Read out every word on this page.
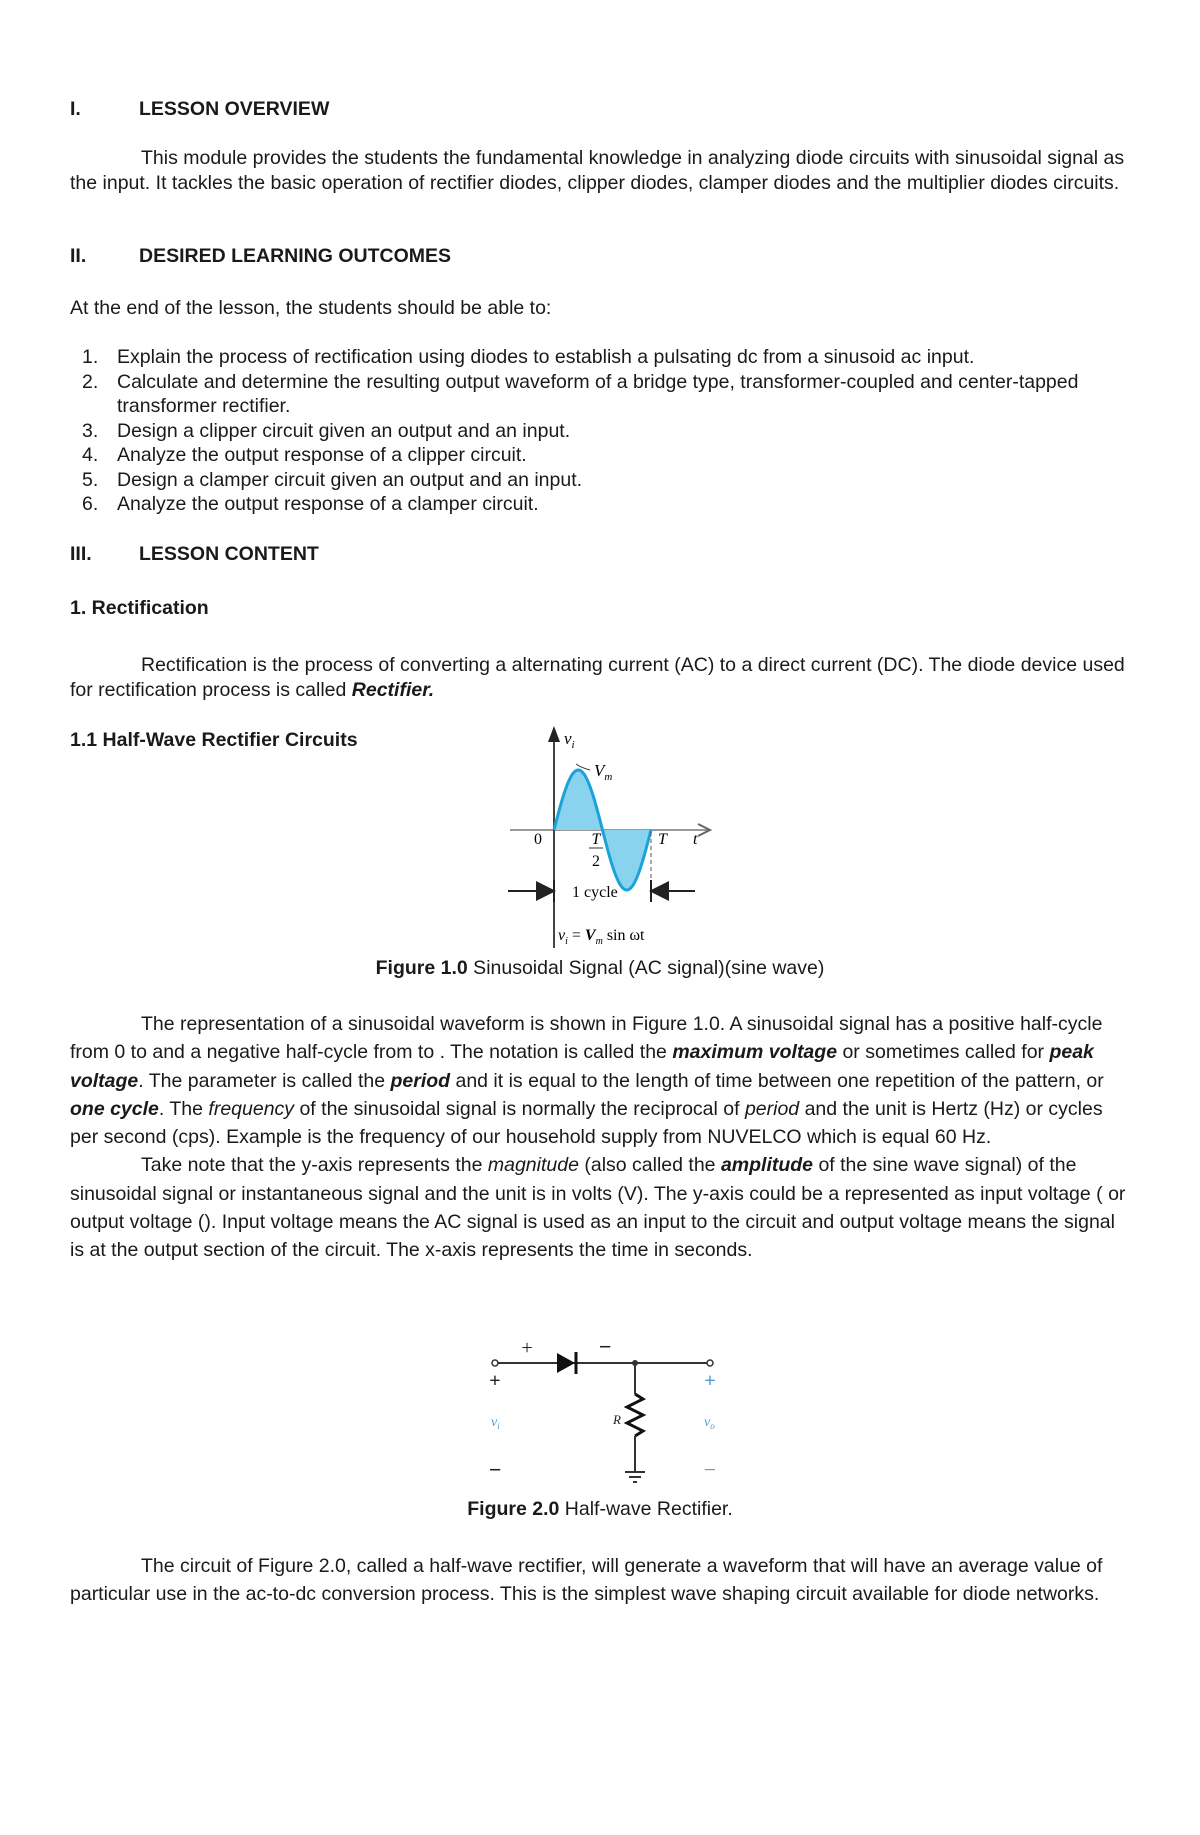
I.	LESSON OVERVIEW
This module provides the students the fundamental knowledge in analyzing diode circuits with sinusoidal signal as the input. It tackles the basic operation of rectifier diodes, clipper diodes, clamper diodes and the multiplier diodes circuits.
II.	DESIRED LEARNING OUTCOMES
At the end of the lesson, the students should be able to:
1. Explain the process of rectification using diodes to establish a pulsating dc from a sinusoid ac input.
2. Calculate and determine the resulting output waveform of a bridge type, transformer-coupled and center-tapped transformer rectifier.
3. Design a clipper circuit given an output and an input.
4. Analyze the output response of a clipper circuit.
5. Design a clamper circuit given an output and an input.
6. Analyze the output response of a clamper circuit.
III. LESSON CONTENT
1. Rectification
Rectification is the process of converting a alternating current (AC) to a direct current (DC). The diode device used for rectification process is called Rectifier.
1.1 Half-Wave Rectifier Circuits	$v_i$
$V_m$
0	T
2
T t
1 cycle
$v_i = V_m$ sin ωt
Figure 1.0 Sinusoidal Signal (AC signal)(sine wave)
The representation of a sinusoidal waveform is shown in Figure 1.0. A sinusoidal signal has a positive half-cycle from 0 to and a negative half-cycle from to . The notation is called the maximum voltage or sometimes called for peak voltage. The parameter is called the period and it is equal to the length of time between one repetition of the pattern, or one cycle. The frequency of the sinusoidal signal is normally the reciprocal of period and the unit is Hertz (Hz) or cycles per second (cps). Example is the frequency of our household supply from NUVELCO which is equal 60 Hz.
Take note that the y-axis represents the magnitude (also called the amplitude of the sine wave signal) of the sinusoidal signal or instantaneous signal and the unit is in volts (V). The y-axis could be a represented as input voltage ( or output voltage (). Input voltage means the AC signal is used as an input to the circuit and output voltage means the signal is at the output section of the circuit. The x-axis represents the time in seconds.
+	−
+
−
+
−
$v_i$	$v_o$
R
Figure 2.0 Half-wave Rectifier.
The circuit of Figure 2.0, called a half-wave rectifier, will generate a waveform that will have an average value of particular use in the ac-to-dc conversion process. This is the simplest wave shaping circuit available for diode networks.
